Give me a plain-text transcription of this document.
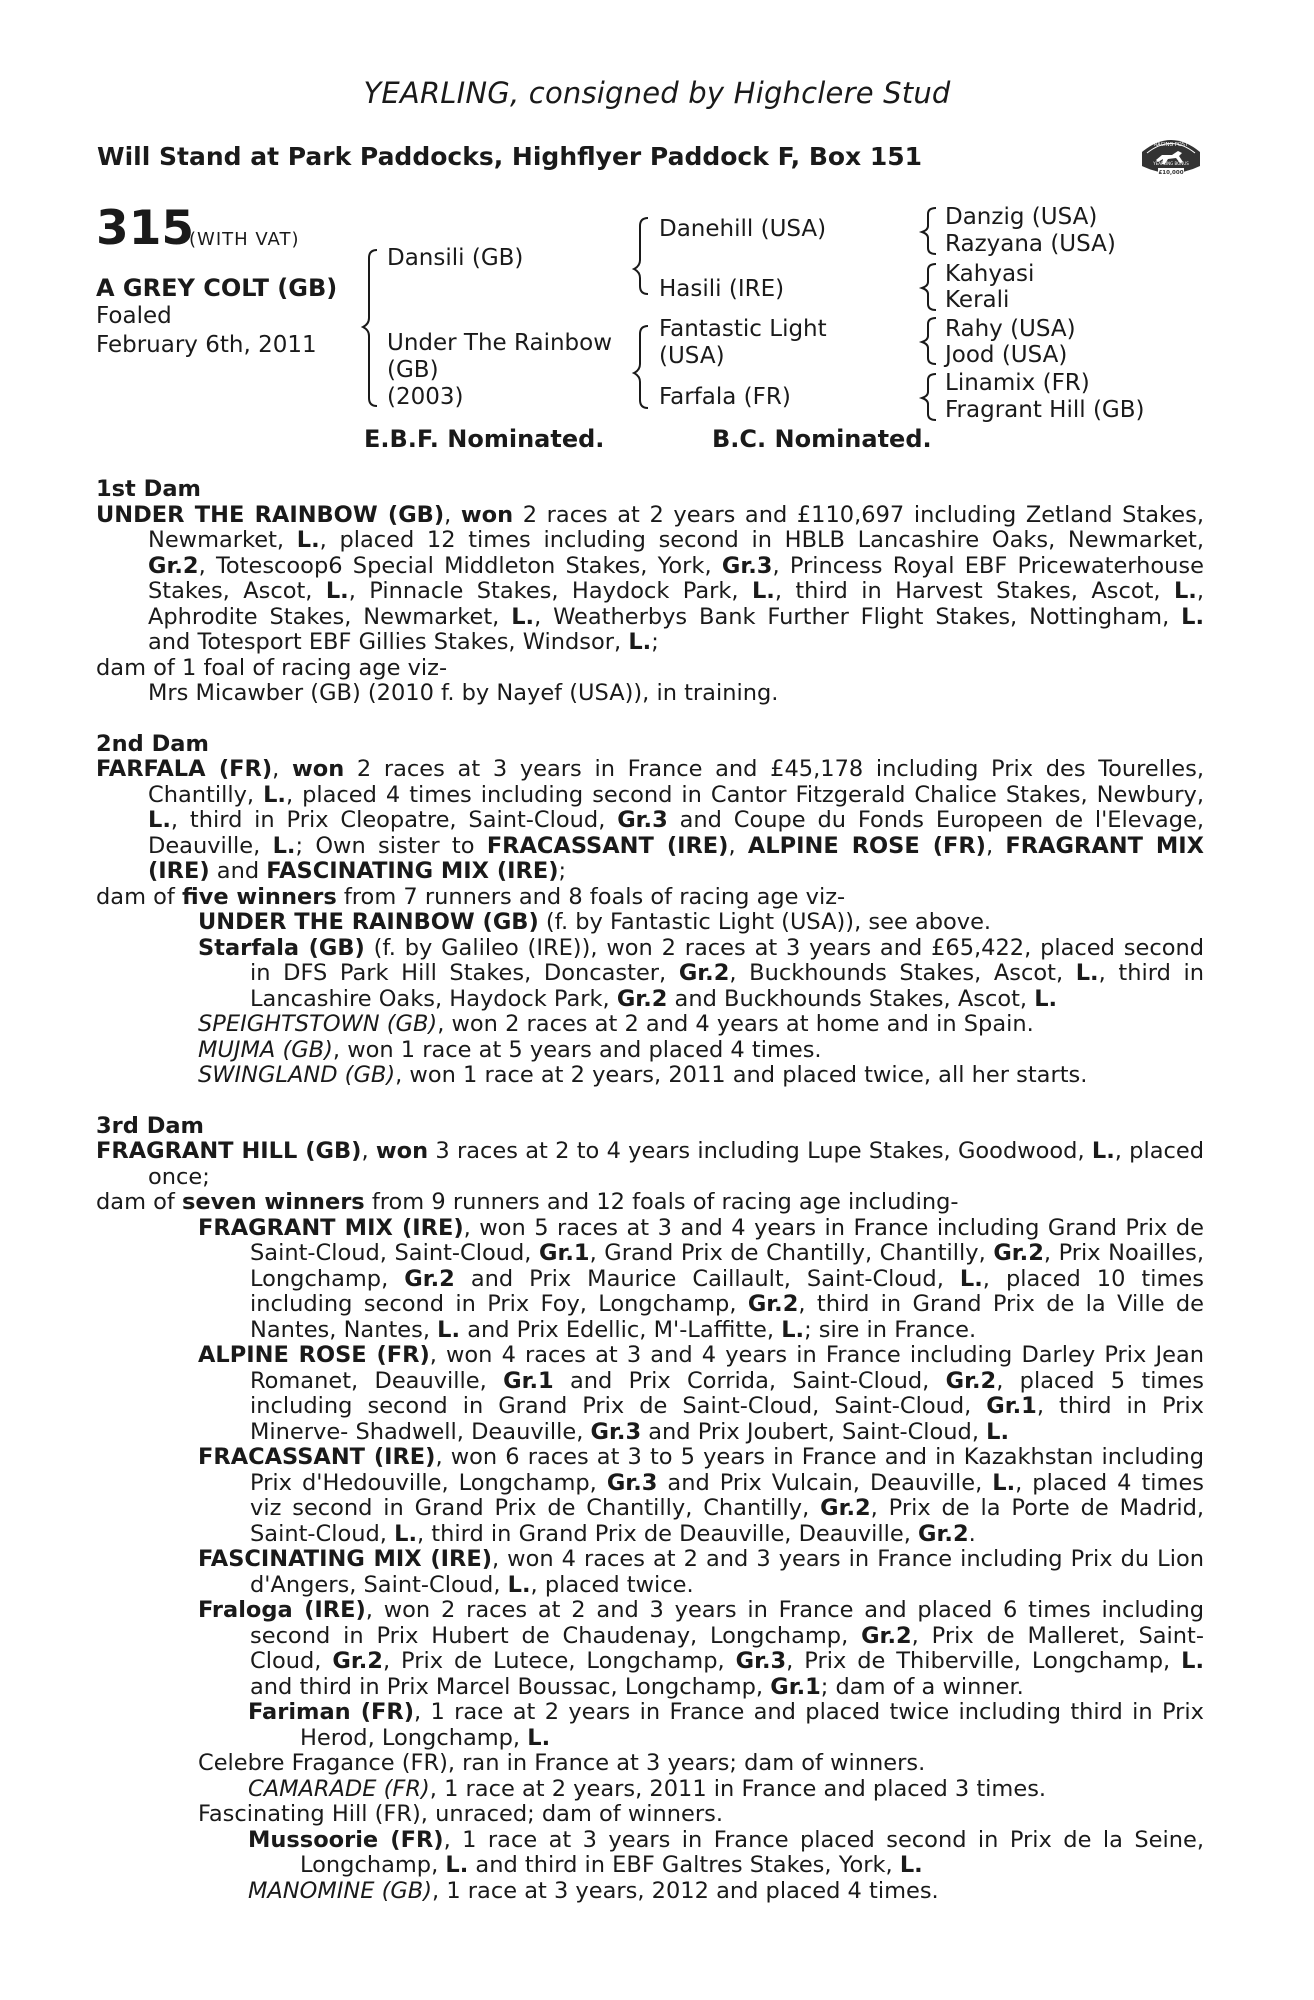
YEARLING, consigned by Highclere Stud
Will Stand at Park Paddocks, Highflyer Paddock F, Box 151	RACING POST
YEARLING BONUS
£10,000
315
(WITH VAT)
A GREY COLT (GB)
Foaled
February 6th, 2011
Dansili (GB)
Under The Rainbow
(GB)
(2003)
Danehill (USA)
Hasili (IRE)
Fantastic Light
(USA)
Farfala (FR)
Danzig (USA)
Razyana (USA)
Kahyasi
Kerali
Rahy (USA)
Jood (USA)
Linamix (FR)
Fragrant Hill (GB)
E.B.F. Nominated.	B.C. Nominated.

1st Dam

UNDER THE RAINBOW (GB), won 2 races at 2 years and £110,697 including Zetland Stakes, Newmarket, L., placed 12 times including second in HBLB Lancashire Oaks, Newmarket, Gr.2, Totescoop6 Special Middleton Stakes, York, Gr.3, Princess Royal EBF Pricewaterhouse Stakes, Ascot, L., Pinnacle Stakes, Haydock Park, L., third in Harvest Stakes, Ascot, L., Aphrodite Stakes, Newmarket, L., Weatherbys Bank Further Flight Stakes, Nottingham, L. and Totesport EBF Gillies Stakes, Windsor, L.;

dam of 1 foal of racing age viz-

Mrs Micawber (GB) (2010 f. by Nayef (USA)), in training.

2nd Dam

FARFALA (FR), won 2 races at 3 years in France and £45,178 including Prix des Tourelles, Chantilly, L., placed 4 times including second in Cantor Fitzgerald Chalice Stakes, Newbury, L., third in Prix Cleopatre, Saint-Cloud, Gr.3 and Coupe du Fonds Europeen de l'Elevage, Deauville, L.; Own sister to FRACASSANT (IRE), ALPINE ROSE (FR), FRAGRANT MIX (IRE) and FASCINATING MIX (IRE);

dam of five winners from 7 runners and 8 foals of racing age viz-

UNDER THE RAINBOW (GB) (f. by Fantastic Light (USA)), see above.

Starfala (GB) (f. by Galileo (IRE)), won 2 races at 3 years and £65,422, placed second in DFS Park Hill Stakes, Doncaster, Gr.2, Buckhounds Stakes, Ascot, L., third in Lancashire Oaks, Haydock Park, Gr.2 and Buckhounds Stakes, Ascot, L.

SPEIGHTSTOWN (GB), won 2 races at 2 and 4 years at home and in Spain.

MUJMA (GB), won 1 race at 5 years and placed 4 times.

SWINGLAND (GB), won 1 race at 2 years, 2011 and placed twice, all her starts.

3rd Dam

FRAGRANT HILL (GB), won 3 races at 2 to 4 years including Lupe Stakes, Goodwood, L., placed once;

dam of seven winners from 9 runners and 12 foals of racing age including-

FRAGRANT MIX (IRE), won 5 races at 3 and 4 years in France including Grand Prix de Saint-Cloud, Saint-Cloud, Gr.1, Grand Prix de Chantilly, Chantilly, Gr.2, Prix Noailles, Longchamp, Gr.2 and Prix Maurice Caillault, Saint-Cloud, L., placed 10 times including second in Prix Foy, Longchamp, Gr.2, third in Grand Prix de la Ville de Nantes, Nantes, L. and Prix Edellic, M'-Laffitte, L.; sire in France.

ALPINE ROSE (FR), won 4 races at 3 and 4 years in France including Darley Prix Jean Romanet, Deauville, Gr.1 and Prix Corrida, Saint-Cloud, Gr.2, placed 5 times including second in Grand Prix de Saint-Cloud, Saint-Cloud, Gr.1, third in Prix Minerve- Shadwell, Deauville, Gr.3 and Prix Joubert, Saint-Cloud, L.

FRACASSANT (IRE), won 6 races at 3 to 5 years in France and in Kazakhstan including Prix d'Hedouville, Longchamp, Gr.3 and Prix Vulcain, Deauville, L., placed 4 times viz second in Grand Prix de Chantilly, Chantilly, Gr.2, Prix de la Porte de Madrid, Saint-Cloud, L., third in Grand Prix de Deauville, Deauville, Gr.2.

FASCINATING MIX (IRE), won 4 races at 2 and 3 years in France including Prix du Lion d'Angers, Saint-Cloud, L., placed twice.

Fraloga (IRE), won 2 races at 2 and 3 years in France and placed 6 times including second in Prix Hubert de Chaudenay, Longchamp, Gr.2, Prix de Malleret, Saint-Cloud, Gr.2, Prix de Lutece, Longchamp, Gr.3, Prix de Thiberville, Longchamp, L. and third in Prix Marcel Boussac, Longchamp, Gr.1; dam of a winner.

Fariman (FR), 1 race at 2 years in France and placed twice including third in Prix Herod, Longchamp, L.

Celebre Fragance (FR), ran in France at 3 years; dam of winners.

CAMARADE (FR), 1 race at 2 years, 2011 in France and placed 3 times.

Fascinating Hill (FR), unraced; dam of winners.

Mussoorie (FR), 1 race at 3 years in France placed second in Prix de la Seine, Longchamp, L. and third in EBF Galtres Stakes, York, L.

MANOMINE (GB), 1 race at 3 years, 2012 and placed 4 times.
